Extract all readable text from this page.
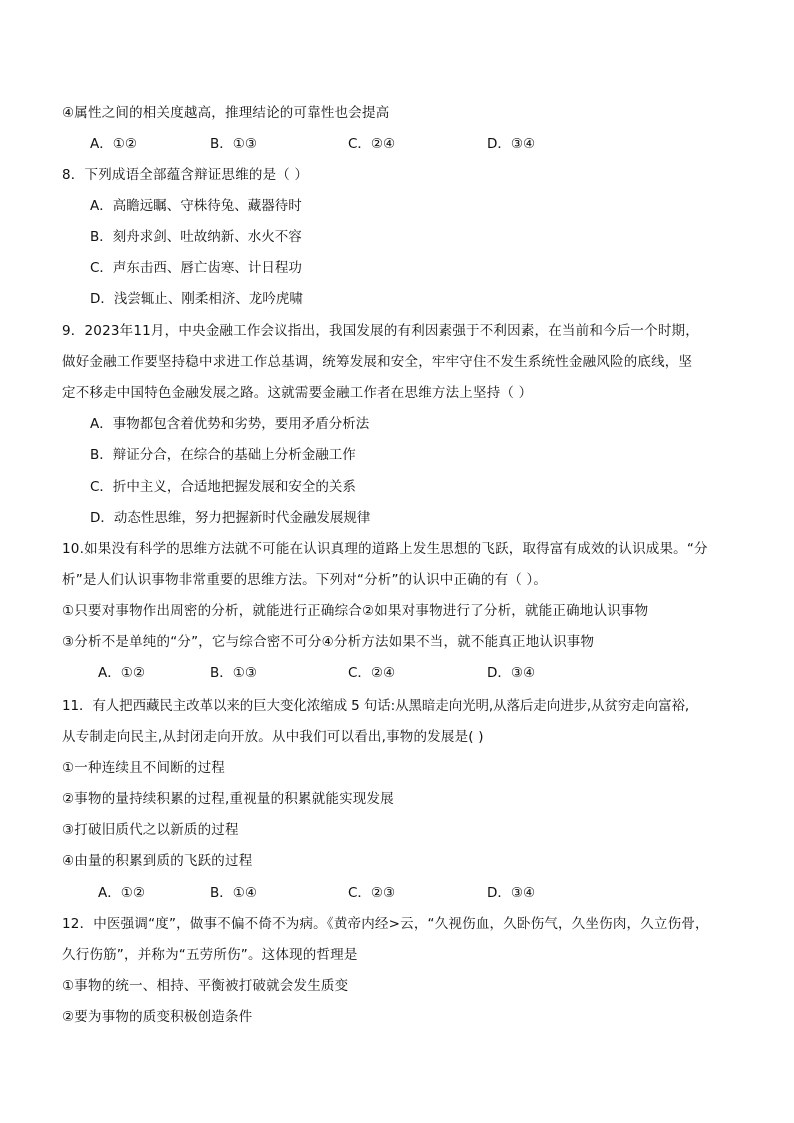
④属性之间的相关度越高，推理结论的可靠性也会提高
A．①②	B．①③	C．②④	D．③④
8．下列成语全部蕴含辩证思维的是（ ）
A．高瞻远瞩、守株待兔、藏器待时
B．刻舟求剑、吐故纳新、水火不容
C．声东击西、唇亡齿寒、计日程功
D．浅尝辄止、刚柔相济、龙吟虎啸
9．2023年11月，中央金融工作会议指出，我国发展的有利因素强于不利因素，在当前和今后一个时期，
做好金融工作要坚持稳中求进工作总基调，统筹发展和安全，牢牢守住不发生系统性金融风险的底线，坚
定不移走中国特色金融发展之路。这就需要金融工作者在思维方法上坚持（ ）
A．事物都包含着优势和劣势，要用矛盾分析法
B．辩证分合，在综合的基础上分析金融工作
C．折中主义，合适地把握发展和安全的关系
D．动态性思维，努力把握新时代金融发展规律
10.如果没有科学的思维方法就不可能在认识真理的道路上发生思想的飞跃，取得富有成效的认识成果。“分
析”是人们认识事物非常重要的思维方法。下列对“分析”的认识中正确的有（ ）。
①只要对事物作出周密的分析，就能进行正确综合②如果对事物进行了分析，就能正确地认识事物
③分析不是单纯的“分”，它与综合密不可分④分析方法如果不当，就不能真正地认识事物
A．①②	B．①③	C．②④	D．③④
11．有人把西藏民主改革以来的巨大变化浓缩成 5 句话:从黑暗走向光明,从落后走向进步,从贫穷走向富裕,
从专制走向民主,从封闭走向开放。从中我们可以看出,事物的发展是( )
①一种连续且不间断的过程
②事物的量持续积累的过程,重视量的积累就能实现发展
③打破旧质代之以新质的过程
④由量的积累到质的飞跃的过程
A．①②	B．①④	C．②③	D．③④
12．中医强调“度”，做事不偏不倚不为病。《黄帝内经>云，“久视伤血，久卧伤气，久坐伤肉，久立伤骨，
久行伤筋”，并称为“五劳所伤”。这体现的哲理是
①事物的统一、相持、平衡被打破就会发生质变
②要为事物的质变积极创造条件
